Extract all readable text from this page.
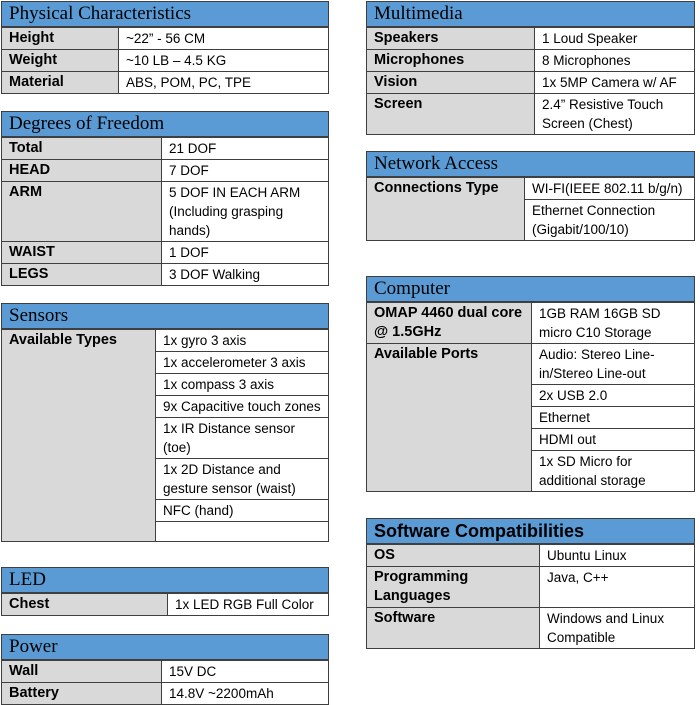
Physical Characteristics
Height	~22” - 56 CM
Weight	~10 LB – 4.5 KG
Material	ABS, POM, PC, TPE
Degrees of Freedom
Total	21 DOF
HEAD	7 DOF
ARM	5 DOF IN EACH ARM (Including grasping hands)
WAIST	1 DOF
LEGS	3 DOF Walking
Sensors
Available Types	1x gyro 3 axis
1x accelerometer 3 axis
1x compass 3 axis
9x Capacitive touch zones
1x IR Distance sensor (toe)
1x 2D Distance and gesture sensor (waist)
NFC (hand)

LED
Chest	1x LED RGB Full Color
Power
Wall	15V DC
Battery	14.8V ~2200mAh
Multimedia
Speakers	1 Loud Speaker
Microphones	8 Microphones
Vision	1x 5MP Camera w/ AF
Screen	2.4” Resistive Touch Screen (Chest)
Network Access
Connections Type	WI-FI(IEEE 802.11 b/g/n)
Ethernet Connection (Gigabit/100/10)
Computer
OMAP 4460 dual core @ 1.5GHz	1GB RAM 16GB SD micro C10 Storage
Available Ports	Audio: Stereo Line-in/Stereo Line-out
	2x USB 2.0
	Ethernet
	HDMI out
	1x SD Micro for additional storage
Software Compatibilities
OS	Ubuntu Linux
Programming Languages	Java, C++
Software	Windows and Linux Compatible
